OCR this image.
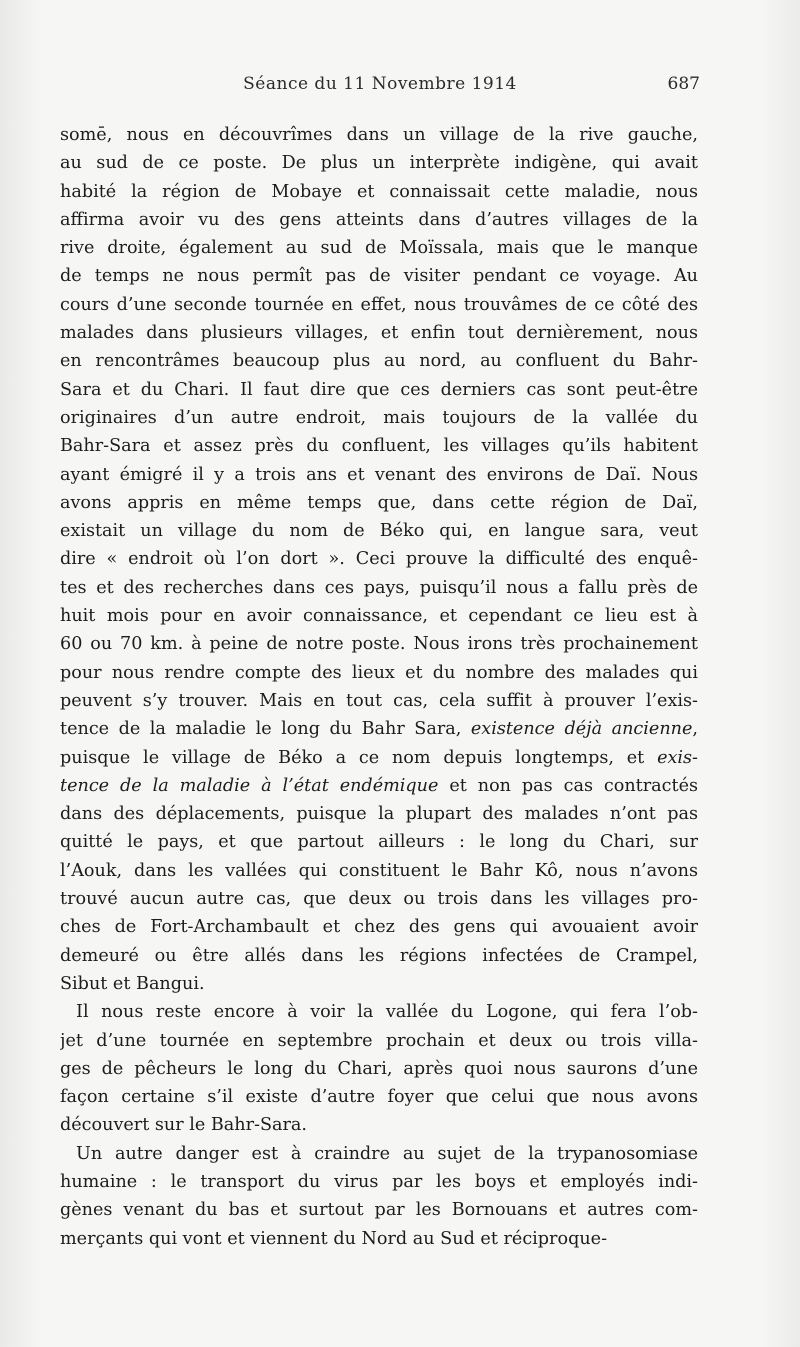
Séance du 11 Novembre 1914	687
somē, nous en découvrîmes dans un village de la rive gauche,
au sud de ce poste. De plus un interprète indigène, qui avait
habité la région de Mobaye et connaissait cette maladie, nous
affirma avoir vu des gens atteints dans d’autres villages de la
rive droite, également au sud de Moïssala, mais que le manque
de temps ne nous permît pas de visiter pendant ce voyage. Au
cours d’une seconde tournée en effet, nous trouvâmes de ce côté des
malades dans plusieurs villages, et enfin tout dernièrement, nous
en rencontrâmes beaucoup plus au nord, au confluent du Bahr-
Sara et du Chari. Il faut dire que ces derniers cas sont peut-être
originaires d’un autre endroit, mais toujours de la vallée du
Bahr-Sara et assez près du confluent, les villages qu’ils habitent
ayant émigré il y a trois ans et venant des environs de Daï. Nous
avons appris en même temps que, dans cette région de Daï,
existait un village du nom de Béko qui, en langue sara, veut
dire « endroit où l’on dort ». Ceci prouve la difficulté des enquê-
tes et des recherches dans ces pays, puisqu’il nous a fallu près de
huit mois pour en avoir connaissance, et cependant ce lieu est à
60 ou 70 km. à peine de notre poste. Nous irons très prochainement
pour nous rendre compte des lieux et du nombre des malades qui
peuvent s’y trouver. Mais en tout cas, cela suffit à prouver l’exis-
tence de la maladie le long du Bahr Sara, existence déjà ancienne,
puisque le village de Béko a ce nom depuis longtemps, et exis-
tence de la maladie à l’état endémique et non pas cas contractés
dans des déplacements, puisque la plupart des malades n’ont pas
quitté le pays, et que partout ailleurs : le long du Chari, sur
l’Aouk, dans les vallées qui constituent le Bahr Kô, nous n’avons
trouvé aucun autre cas, que deux ou trois dans les villages pro-
ches de Fort-Archambault et chez des gens qui avouaient avoir
demeuré ou être allés dans les régions infectées de Crampel,
Sibut et Bangui.
Il nous reste encore à voir la vallée du Logone, qui fera l’ob-
jet d’une tournée en septembre prochain et deux ou trois villa-
ges de pêcheurs le long du Chari, après quoi nous saurons d’une
façon certaine s’il existe d’autre foyer que celui que nous avons
découvert sur le Bahr-Sara.
Un autre danger est à craindre au sujet de la trypanosomiase
humaine : le transport du virus par les boys et employés indi-
gènes venant du bas et surtout par les Bornouans et autres com-
merçants qui vont et viennent du Nord au Sud et réciproque-
